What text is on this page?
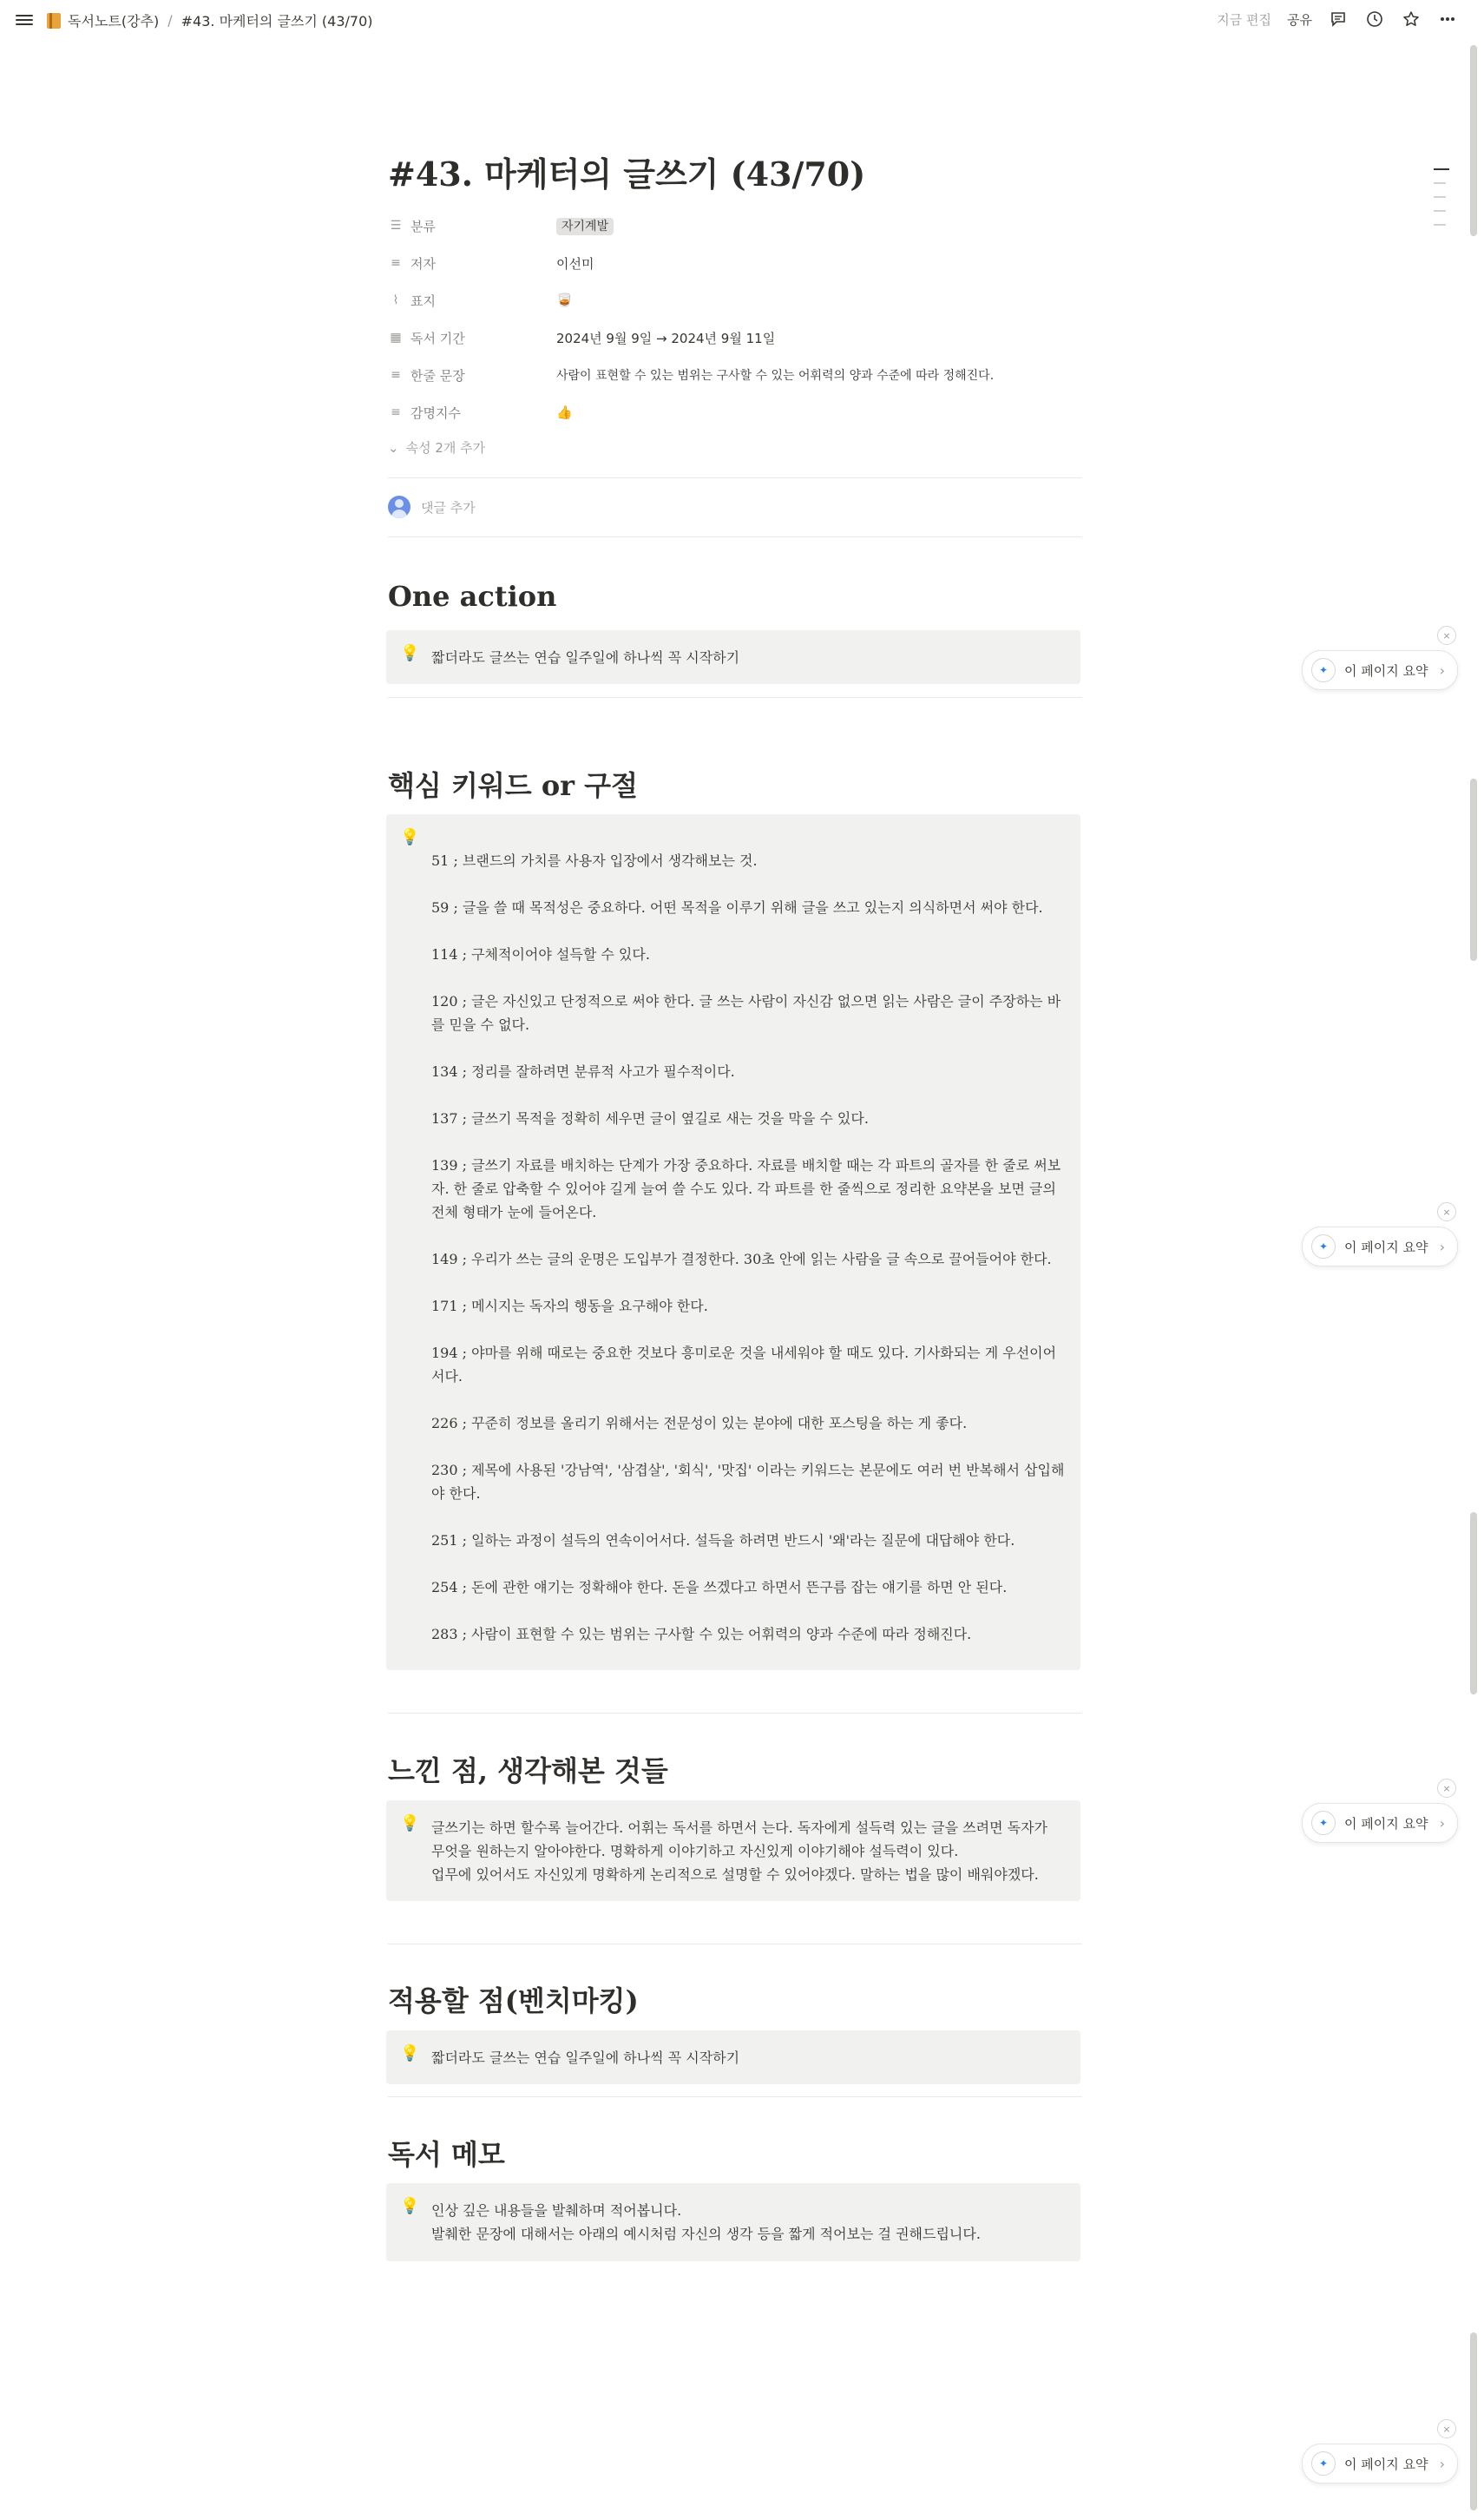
독서노트(강추) / #43. 마케터의 글쓰기 (43/70)	지금 편집 공유
#43. 마케터의 글쓰기 (43/70)
☰ 분류	자기계발
≡ 저자	이선미
⌇ 표지	🥃
▦ 독서 기간	2024년 9월 9일 → 2024년 9월 11일
≡ 한줄 문장	사람이 표현할 수 있는 범위는 구사할 수 있는 어휘력의 양과 수준에 따라 정해진다.
≡ 감명지수	👍
⌄ 속성 2개 추가
댓글 추가
One action
💡 짧더라도 글쓰는 연습 일주일에 하나씩 꼭 시작하기
핵심 키워드 or 구절
💡

51 ; 브랜드의 가치를 사용자 입장에서 생각해보는 것.

59 ; 글을 쓸 때 목적성은 중요하다. 어떤 목적을 이루기 위해 글을 쓰고 있는지 의식하면서 써야 한다.

114 ; 구체적이어야 설득할 수 있다.

120 ; 글은 자신있고 단정적으로 써야 한다. 글 쓰는 사람이 자신감 없으면 읽는 사람은 글이 주장하는 바를 믿을 수 없다.

134 ; 정리를 잘하려면 분류적 사고가 필수적이다.

137 ; 글쓰기 목적을 정확히 세우면 글이 옆길로 새는 것을 막을 수 있다.

139 ; 글쓰기 자료를 배치하는 단계가 가장 중요하다. 자료를 배치할 때는 각 파트의 골자를 한 줄로 써보자. 한 줄로 압축할 수 있어야 길게 늘여 쓸 수도 있다. 각 파트를 한 줄씩으로 정리한 요약본을 보면 글의 전체 형태가 눈에 들어온다.

149 ; 우리가 쓰는 글의 운명은 도입부가 결정한다. 30초 안에 읽는 사람을 글 속으로 끌어들어야 한다.

171 ; 메시지는 독자의 행동을 요구해야 한다.

194 ; 야마를 위해 때로는 중요한 것보다 흥미로운 것을 내세워야 할 때도 있다. 기사화되는 게 우선이어서다.

226 ; 꾸준히 정보를 올리기 위해서는 전문성이 있는 분야에 대한 포스팅을 하는 게 좋다.

230 ; 제목에 사용된 '강남역', '삼겹살', '회식', '맛집' 이라는 키워드는 본문에도 여러 번 반복해서 삽입해야 한다.

251 ; 일하는 과정이 설득의 연속이어서다. 설득을 하려면 반드시 '왜'라는 질문에 대답해야 한다.

254 ; 돈에 관한 얘기는 정확해야 한다. 돈을 쓰겠다고 하면서 뜬구름 잡는 얘기를 하면 안 된다.

283 ; 사람이 표현할 수 있는 범위는 구사할 수 있는 어휘력의 양과 수준에 따라 정해진다.

느낀 점, 생각해본 것들
💡 글쓰기는 하면 할수록 늘어간다. 어휘는 독서를 하면서 는다. 독자에게 설득력 있는 글을 쓰려면 독자가 무엇을 원하는지 알아야한다. 명확하게 이야기하고 자신있게 이야기해야 설득력이 있다.
업무에 있어서도 자신있게 명확하게 논리적으로 설명할 수 있어야겠다. 말하는 법을 많이 배워야겠다.
적용할 점(벤치마킹)
💡 짧더라도 글쓰는 연습 일주일에 하나씩 꼭 시작하기
독서 메모
💡 인상 깊은 내용들을 발췌하며 적어봅니다.
발췌한 문장에 대해서는 아래의 예시처럼 자신의 생각 등을 짧게 적어보는 걸 권해드립니다.
×
✦	이 페이지 요약 ›
×
✦	이 페이지 요약 ›
×
✦	이 페이지 요약 ›
×
✦	이 페이지 요약 ›
